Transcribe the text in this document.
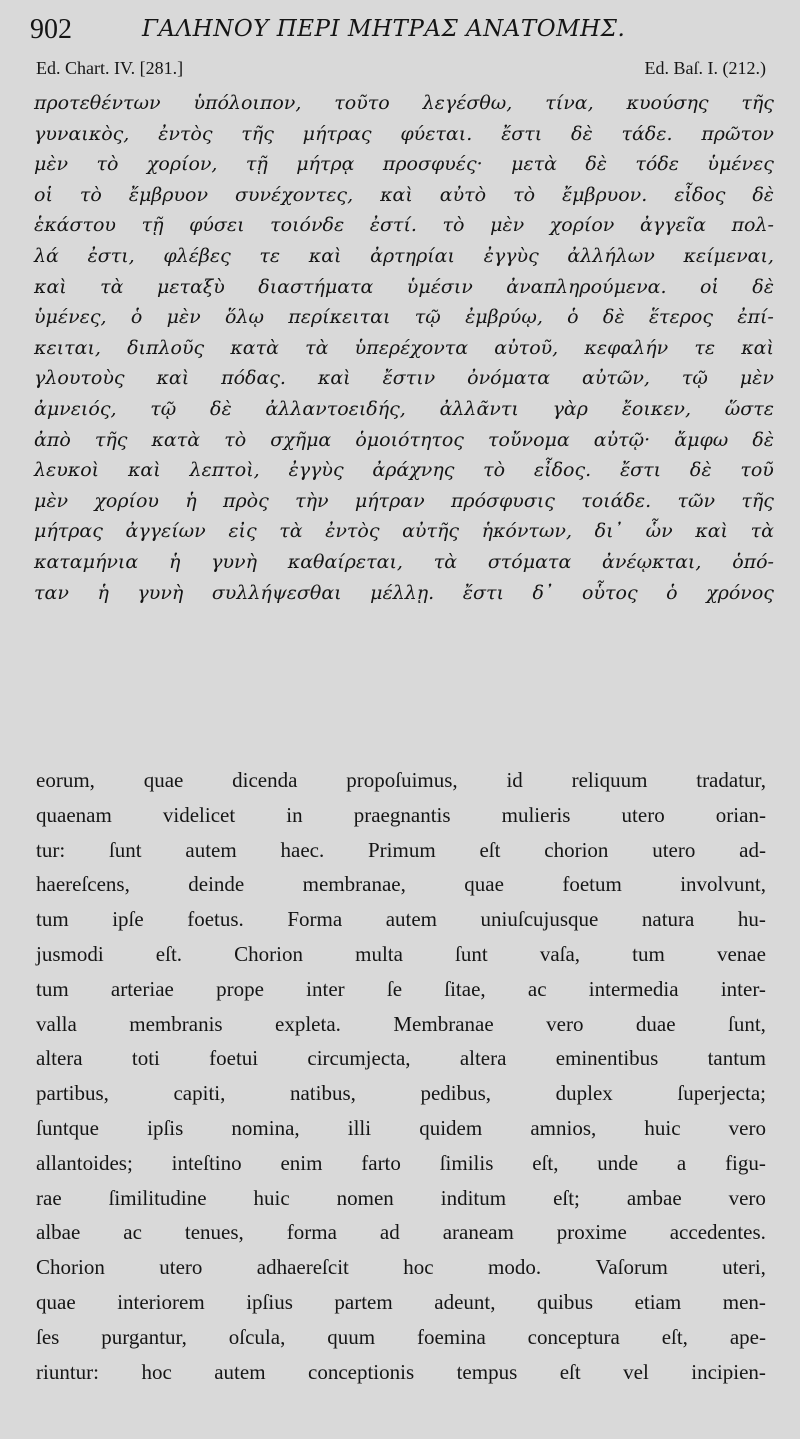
902	ΓΑΛΗΝΟΥ ΠΕΡΙ ΜΗΤΡΑΣ ΑΝΑΤΟΜΗΣ.
Ed. Chart. IV. [281.]	Ed. Baſ. I. (212.)
προτεθέντων ὑπόλοιπον, τοῦτο λεγέσθω, τίνα, κυούσης τῆς
γυναικὸς, ἐντὸς τῆς μήτρας φύεται. ἔστι δὲ τάδε. πρῶτον
μὲν τὸ χορίον, τῇ μήτρᾳ προσφυές· μετὰ δὲ τόδε ὑμένες
οἱ τὸ ἔμβρυον συνέχοντες, καὶ αὐτὸ τὸ ἔμβρυον. εἶδος δὲ
ἑκάστου τῇ φύσει τοιόνδε ἐστί. τὸ μὲν χορίον ἀγγεῖα πολ-
λά ἐστι, φλέβες τε καὶ ἀρτηρίαι ἐγγὺς ἀλλήλων κείμεναι,
καὶ τὰ μεταξὺ διαστήματα ὑμέσιν ἀναπληρούμενα. οἱ δὲ
ὑμένες, ὁ μὲν ὅλῳ περίκειται τῷ ἐμβρύῳ, ὁ δὲ ἕτερος ἐπί-
κειται, διπλοῦς κατὰ τὰ ὑπερέχοντα αὐτοῦ, κεφαλήν τε καὶ
γλουτοὺς καὶ πόδας. καὶ ἔστιν ὀνόματα αὐτῶν, τῷ μὲν
ἀμνειός, τῷ δὲ ἀλλαντοειδής, ἀλλᾶντι γὰρ ἔοικεν, ὥστε
ἀπὸ τῆς κατὰ τὸ σχῆμα ὁμοιότητος τοὔνομα αὐτῷ· ἄμφω δὲ
λευκοὶ καὶ λεπτοὶ, ἐγγὺς ἀράχνης τὸ εἶδος. ἔστι δὲ τοῦ
μὲν χορίου ἡ πρὸς τὴν μήτραν πρόσφυσις τοιάδε. τῶν τῆς
μήτρας ἀγγείων εἰς τὰ ἐντὸς αὐτῆς ἡκόντων, δι᾽ ὧν καὶ τὰ
καταμήνια ἡ γυνὴ καθαίρεται, τὰ στόματα ἀνέῳκται, ὁπό-
ταν ἡ γυνὴ συλλήψεσθαι μέλλῃ. ἔστι δ᾽ οὗτος ὁ χρόνος
eorum, quae dicenda propoſuimus, id reliquum tradatur,
quaenam videlicet in praegnantis mulieris utero orian-
tur: ſunt autem haec. Primum eſt chorion utero ad-
haereſcens,	deinde	membranae,	quae	foetum	involvunt,
tum ipſe foetus. Forma autem uniuſcujusque natura hu-
jusmodi eſt. Chorion multa ſunt vaſa, tum venae
tum arteriae prope inter ſe ſitae, ac intermedia inter-
valla membranis expleta. Membranae vero duae ſunt,
altera toti foetui circumjecta, altera eminentibus tantum
partibus,	capiti,	natibus,	pedibus,	duplex	ſuperjecta;
ſuntque ipſis nomina, illi quidem amnios, huic vero
allantoides; inteſtino enim farto ſimilis eſt, unde a figu-
rae ſimilitudine huic nomen inditum eſt; ambae vero
albae ac tenues, forma ad araneam proxime accedentes.
Chorion	utero	adhaereſcit	hoc	modo.	Vaſorum	uteri,
quae interiorem ipſius partem adeunt, quibus etiam men-
ſes purgantur, oſcula, quum foemina conceptura eſt, ape-
riuntur: hoc autem conceptionis tempus eſt vel incipien-
